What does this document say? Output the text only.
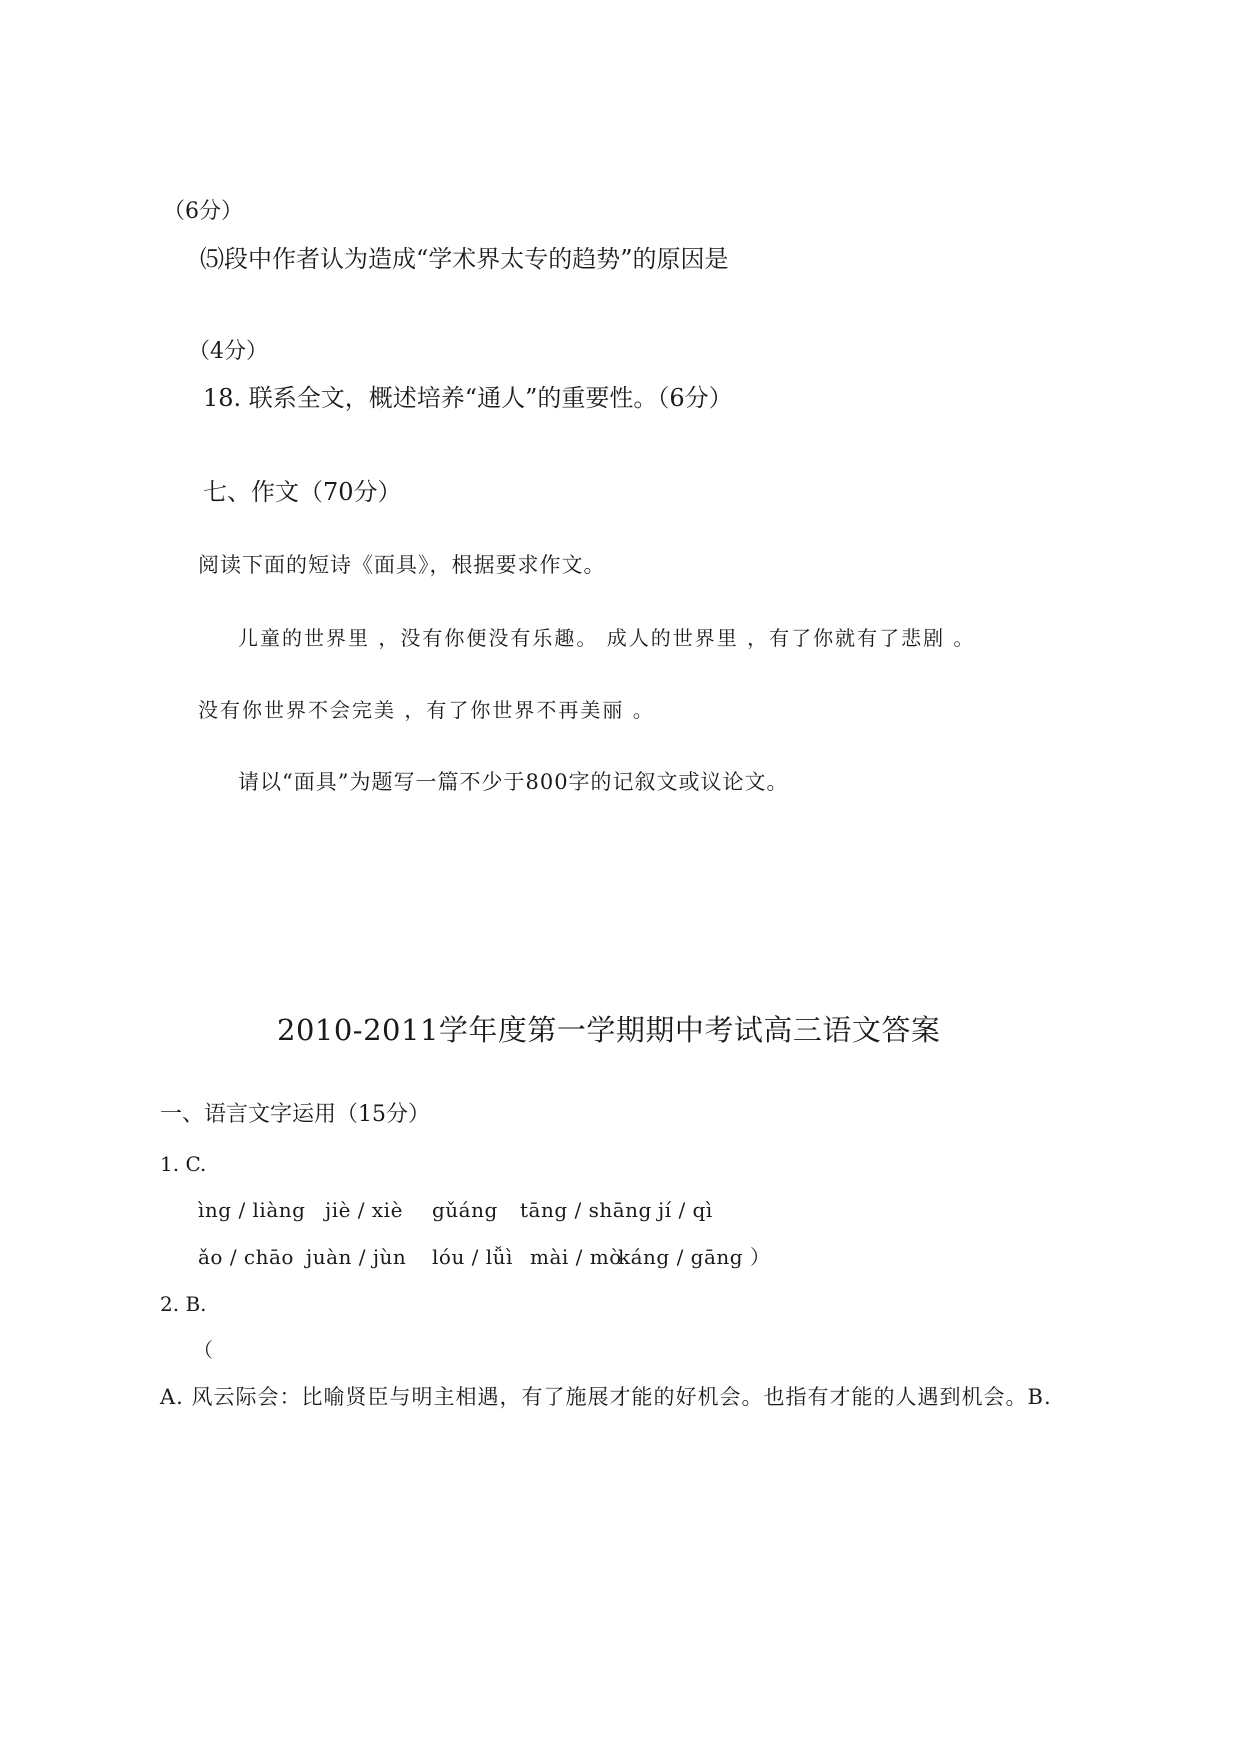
（6分）
⑸段中作者认为造成“学术界太专的趋势”的原因是
（4分）
18. 联系全文，概述培养“通人”的重要性。（6分）
七、作文（70分）
阅读下面的短诗《面具》，根据要求作文。
儿童的世界里 ，没有你便没有乐趣。 成人的世界里 ，有了你就有了悲剧 。
没有你世界不会完美 ，有了你世界不再美丽 。
请以“面具”为题写一篇不少于800字的记叙文或议论文。
2010-2011学年度第一学期期中考试高三语文答案
一、语言文字运用（15分）
1. C.
ìng / liàng jiè / xiè gǔáng tāng / shāng jí / qì
ǎo / chāo juàn / jùn lóu / lǚì mài / mò
káng / gāng ）
2. B.
（
A. 风云际会：比喻贤臣与明主相遇，有了施展才能的好机会。也指有才能的人遇到机会。B.
